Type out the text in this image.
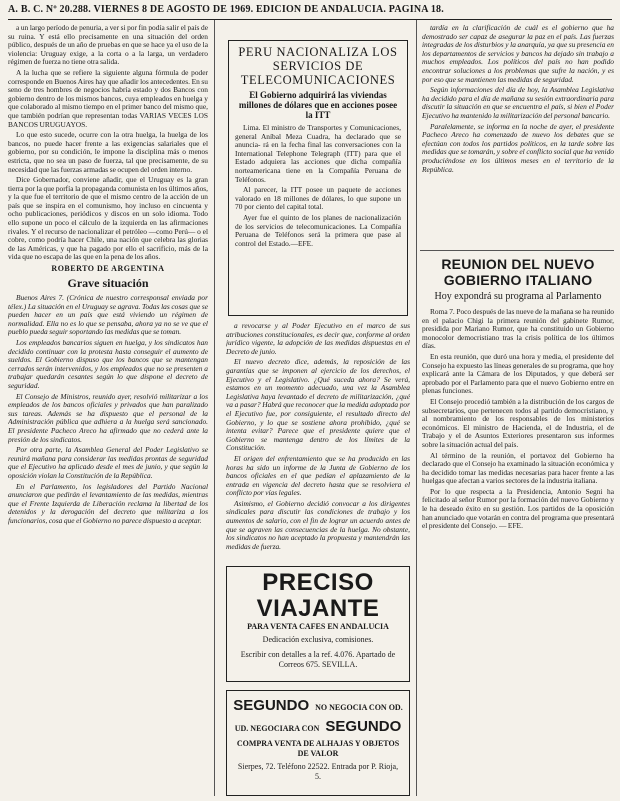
A. B. C. Nº 20.288. VIERNES 8 DE AGOSTO DE 1969. EDICION DE ANDALUCIA. PAGINA 18.

a un largo período de penuria, a ver si por fin podía salir el país de su ruina. Y está ello precisamente en una situación del orden público, después de un año de pruebas en que se hace ya el uso de la violencia: Uruguay exige, a la corta o a la larga, un verdadero régimen de fuerza no tiene otra salida.

A la lucha que se refiere la siguiente alguna fórmula de poder corresponde en Buenos Aires hay que añadir los antecedentes. En su seno de tres hombres de negocios habría estado y dos Bancos con gobierno dentro de los mismos bancos, cuya empleados en huelga y que colaborado al mismo tiempo en el primer banco del mismo que, que también podrían que representan todas VARIAS VECES LOS BANCOS URUGUAYOS.

Lo que esto sucede, ocurre con la otra huelga, la huelga de los bancos, no puede hacer frente a las exigencias salariales que el gobierno, por su condición, le impone la disciplina más o menos estricta, que no sea un paso de fuerza, tal que precisamente, de su necesidad que las fuerzas armadas se ocupen del orden interno.

Dice Gobernador, conviene añadir, que el Uruguay es la gran tierra por la que porfía la propaganda comunista en los últimos años, y la que fue el territorio de que el mismo centro de la acción de un país que se inspira en el comunismo, hoy incluso en cincuenta y ocho publicaciones, periódicos y discos en un solo idioma. Todo ello supone un poco el cálculo de la izquierda en las afirmaciones rivales. Y el recurso de nacionalizar el petróleo —como Perú— o el cobre, como podría hacer Chile, una nación que celebra las glorias de las Américas, y que ha pagado por ello el sacrificio, más de la vida que no escapa de las que en la pena de los años.

ROBERTO DE ARGENTINA
Grave situación

Buenos Aires 7. (Crónica de nuestro corresponsal enviada por télex.) La situación en el Uruguay se agrava. Todas las cosas que se pueden hacer en un país que está viviendo un régimen de normalidad. Ella no es lo que se pensaba, ahora ya no se ve que el pueblo pueda seguir soportando las medidas que se toman.

Los empleados bancarios siguen en huelga, y los sindicatos han decidido continuar con la protesta hasta conseguir el aumento de sueldos. El Gobierno dispuso que los bancos que se mantengan cerrados serán intervenidos, y los empleados que no se presenten a trabajar quedarán cesantes según lo que dispone el decreto de seguridad.

El Consejo de Ministros, reunido ayer, resolvió militarizar a los empleados de los bancos oficiales y privados que han paralizado sus tareas. Además se ha dispuesto que el personal de la Administración pública que adhiera a la huelga será sancionado. El presidente Pacheco Areco ha afirmado que no cederá ante la presión de los sindicatos.

Por otra parte, la Asamblea General del Poder Legislativo se reunirá mañana para considerar las medidas prontas de seguridad que el Ejecutivo ha aplicado desde el mes de junio, y que según la oposición violan la Constitución de la República.

En el Parlamento, los legisladores del Partido Nacional anunciaron que pedirán el levantamiento de las medidas, mientras que el Frente Izquierda de Liberación reclama la libertad de los detenidos y la derogación del decreto que militariza a los funcionarios, cosa que el Gobierno no parece dispuesto a aceptar.

PERU NACIONALIZA LOS SERVICIOS DE TELECOMUNICACIONES
El Gobierno adquirirá las viviendas millones de dólares que en acciones posee la ITT

Lima. El ministro de Transportes y Comunicaciones, general Aníbal Meza Cuadra, ha declarado que se anuncia- rá en la fecha final las conversaciones con la International Telephone Telegraph (ITT) para que el Estado adquiera las acciones que dicha compañía norteamericana tiene en la Compañía Peruana de Teléfonos.

Al parecer, la ITT posee un paquete de acciones valorado en 18 millones de dólares, lo que supone un 70 por ciento del capital total.

Ayer fue el quinto de los planes de nacionalización de los servicios de telecomunicaciones. La Compañía Peruana de Teléfonos será la primera que pase al control del Estado.—EFE.

a revocarse y al Poder Ejecutivo en el marco de sus atribuciones constitucionales, es decir que, conforme al orden jurídico vigente, la adopción de las medidas dispuestas en el Decreto de junio.

El nuevo decreto dice, además, la reposición de las garantías que se imponen al ejercicio de los derechos, el Ejecutivo y el Legislativo. ¿Qué suceda ahora? Se verá, estamos en un momento adecuado, una vez la Asamblea Legislativa haya levantado el decreto de militarización, ¿qué va a pasar? Habrá que reconocer que la medida adoptada por el Ejecutivo fue, por consiguiente, el resultado directo del Gobierno, y lo que se sostiene ahora prohibido, ¿qué se intenta evitar? Parece que el presidente quiere que el Gobierno se mantenga dentro de los límites de la Constitución.

El origen del enfrentamiento que se ha producido en las horas ha sido un informe de la Junta de Gobierno de los bancos oficiales en el que pedían el aplazamiento de la entrada en vigencia del decreto hasta que se resolviera el conflicto por vías legales.

Asimismo, el Gobierno decidió convocar a los dirigentes sindicales para discutir las condiciones de trabajo y los aumentos de salario, con el fin de lograr un acuerdo antes de que se agraven las consecuencias de la huelga. No obstante, los sindicatos no han aceptado la propuesta y mantendrán las medidas de fuerza.

PRECISO VIAJANTE
PARA VENTA CAFES EN ANDALUCIA
Dedicación exclusiva, comisiones.
Escribir con detalles a la ref. 4.076. Apartado de Correos 675. SEVILLA.
SEGUNDO NO NEGOCIA CON OD.
UD. NEGOCIARA CON SEGUNDO
COMPRA VENTA DE ALHAJAS Y OBJETOS DE VALOR
Sierpes, 72. Teléfono 22522. Entrada por P. Rioja, 5.

tardía en la clarificación de cuál es el gobierno que ha demostrado ser capaz de asegurar la paz en el país. Las fuerzas integradas de los disturbios y la anarquía, ya que su presencia en los departamentos de servicios y bancos ha dejado sin trabajo a muchos empleados. Los políticos del país no han podido encontrar soluciones a los problemas que sufre la nación, y es por eso que se mantienen las medidas de seguridad.

Según informaciones del día de hoy, la Asamblea Legislativa ha decidido para el día de mañana su sesión extraordinaria para discutir la situación en que se encuentra el país, si bien el Poder Ejecutivo ha mantenido la militarización del personal bancario.

Paralelamente, se informa en la noche de ayer, el presidente Pacheco Areco ha comenzado de nuevo los debates que se efectúan con todos los partidos políticos, en la tarde sobre las medidas que se tomarán, y sobre el conflicto social que ha venido produciéndose en los últimos meses en el territorio de la República.

REUNION DEL NUEVO GOBIERNO ITALIANO
Hoy expondrá su programa al Parlamento

Roma 7. Poco después de las nueve de la mañana se ha reunido en el palacio Chigi la primera reunión del gabinete Rumor, presidida por Mariano Rumor, que ha constituido un Gobierno monocolor democristiano tras la crisis política de los últimos días.

En esta reunión, que duró una hora y media, el presidente del Consejo ha expuesto las líneas generales de su programa, que hoy explicará ante la Cámara de los Diputados, y que deberá ser aprobado por el Parlamento para que el nuevo Gobierno entre en plenas funciones.

El Consejo procedió también a la distribución de los cargos de subsecretarios, que pertenecen todos al partido democristiano, y al nombramiento de los responsables de los ministerios económicos. El ministro de Hacienda, el de Industria, el de Trabajo y el de Asuntos Exteriores presentaron sus informes sobre la situación actual del país.

Al término de la reunión, el portavoz del Gobierno ha declarado que el Consejo ha examinado la situación económica y ha decidido tomar las medidas necesarias para hacer frente a las huelgas que afectan a varios sectores de la industria italiana.

Por lo que respecta a la Presidencia, Antonio Segni ha felicitado al señor Rumor por la formación del nuevo Gobierno y le ha deseado éxito en su gestión. Los partidos de la oposición han anunciado que votarán en contra del programa que presentará el presidente del Consejo. — EFE.
